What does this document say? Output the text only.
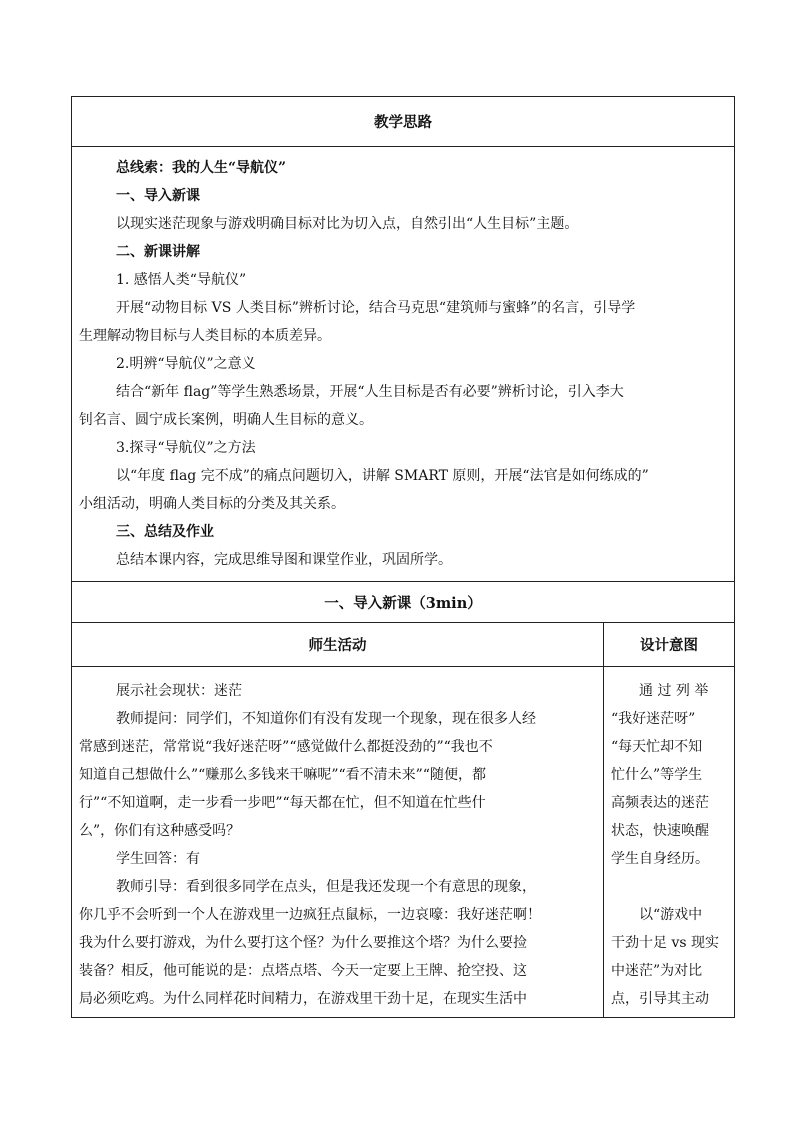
教学思路
总线索：我的人生“导航仪”
一、导入新课
以现实迷茫现象与游戏明确目标对比为切入点，自然引出“人生目标”主题。
二、新课讲解
1. 感悟人类“导航仪”
开展“动物目标 VS 人类目标”辨析讨论，结合马克思“建筑师与蜜蜂”的名言，引导学
生理解动物目标与人类目标的本质差异。
2.明辨“导航仪”之意义
结合“新年 flag”等学生熟悉场景，开展“人生目标是否有必要”辨析讨论，引入李大
钊名言、圆宁成长案例，明确人生目标的意义。
3.探寻“导航仪”之方法
以“年度 flag 完不成”的痛点问题切入，讲解 SMART 原则，开展“法官是如何练成的”
小组活动，明确人类目标的分类及其关系。
三、总结及作业
总结本课内容，完成思维导图和课堂作业，巩固所学。
一、导入新课（3min）
师生活动	设计意图
展示社会现状：迷茫
教师提问：同学们，不知道你们有没有发现一个现象，现在很多人经
常感到迷茫，常常说“我好迷茫呀”“感觉做什么都挺没劲的”“我也不
知道自己想做什么”“赚那么多钱来干嘛呢”“看不清未来”“随便，都
行”“不知道啊，走一步看一步吧”“每天都在忙，但不知道在忙些什
么”，你们有这种感受吗？
学生回答：有
教师引导：看到很多同学在点头，但是我还发现一个有意思的现象，
你几乎不会听到一个人在游戏里一边疯狂点鼠标，一边哀嚎：我好迷茫啊！
我为什么要打游戏，为什么要打这个怪？为什么要推这个塔？为什么要捡
装备？相反，他可能说的是：点塔点塔、今天一定要上王牌、抢空投、这
局必须吃鸡。为什么同样花时间精力，在游戏里干劲十足，在现实生活中
通 过 列 举
“我好迷茫呀”
“每天忙却不知
忙什么”等学生
高频表达的迷茫
状态，快速唤醒
学生自身经历。
以“游戏中
干劲十足 vs 现实
中迷茫”为对比
点，引导其主动
